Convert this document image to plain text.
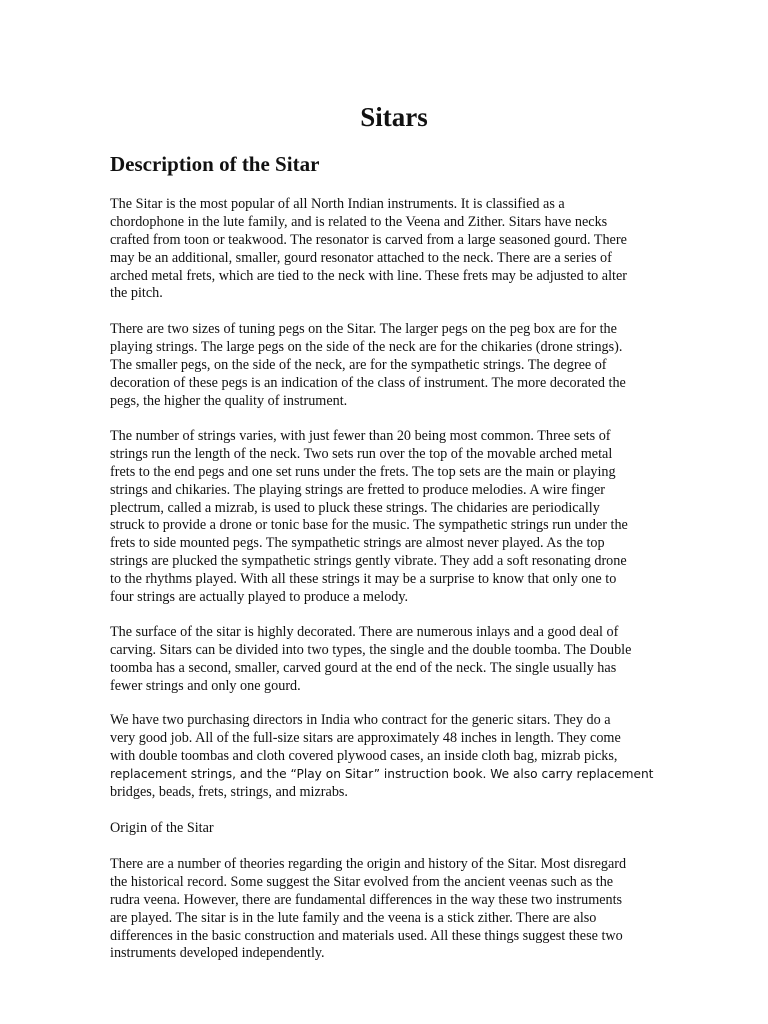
Sitars
Description of the Sitar
The Sitar is the most popular of all North Indian instruments. It is classified as a
chordophone in the lute family, and is related to the Veena and Zither. Sitars have necks
crafted from toon or teakwood. The resonator is carved from a large seasoned gourd. There
may be an additional, smaller, gourd resonator attached to the neck. There are a series of
arched metal frets, which are tied to the neck with line. These frets may be adjusted to alter
the pitch.
There are two sizes of tuning pegs on the Sitar. The larger pegs on the peg box are for the
playing strings. The large pegs on the side of the neck are for the chikaries (drone strings).
The smaller pegs, on the side of the neck, are for the sympathetic strings. The degree of
decoration of these pegs is an indication of the class of instrument. The more decorated the
pegs, the higher the quality of instrument.
The number of strings varies, with just fewer than 20 being most common. Three sets of
strings run the length of the neck. Two sets run over the top of the movable arched metal
frets to the end pegs and one set runs under the frets. The top sets are the main or playing
strings and chikaries. The playing strings are fretted to produce melodies. A wire finger
plectrum, called a mizrab, is used to pluck these strings. The chidaries are periodically
struck to provide a drone or tonic base for the music. The sympathetic strings run under the
frets to side mounted pegs. The sympathetic strings are almost never played. As the top
strings are plucked the sympathetic strings gently vibrate. They add a soft resonating drone
to the rhythms played. With all these strings it may be a surprise to know that only one to
four strings are actually played to produce a melody.
The surface of the sitar is highly decorated. There are numerous inlays and a good deal of
carving. Sitars can be divided into two types, the single and the double toomba. The Double
toomba has a second, smaller, carved gourd at the end of the neck. The single usually has
fewer strings and only one gourd.
We have two purchasing directors in India who contract for the generic sitars. They do a
very good job. All of the full-size sitars are approximately 48 inches in length. They come
with double toombas and cloth covered plywood cases, an inside cloth bag, mizrab picks,
replacement strings, and the “Play on Sitar” instruction book. We also carry replacement
bridges, beads, frets, strings, and mizrabs.
Origin of the Sitar
There are a number of theories regarding the origin and history of the Sitar. Most disregard
the historical record. Some suggest the Sitar evolved from the ancient veenas such as the
rudra veena. However, there are fundamental differences in the way these two instruments
are played. The sitar is in the lute family and the veena is a stick zither. There are also
differences in the basic construction and materials used. All these things suggest these two
instruments developed independently.
